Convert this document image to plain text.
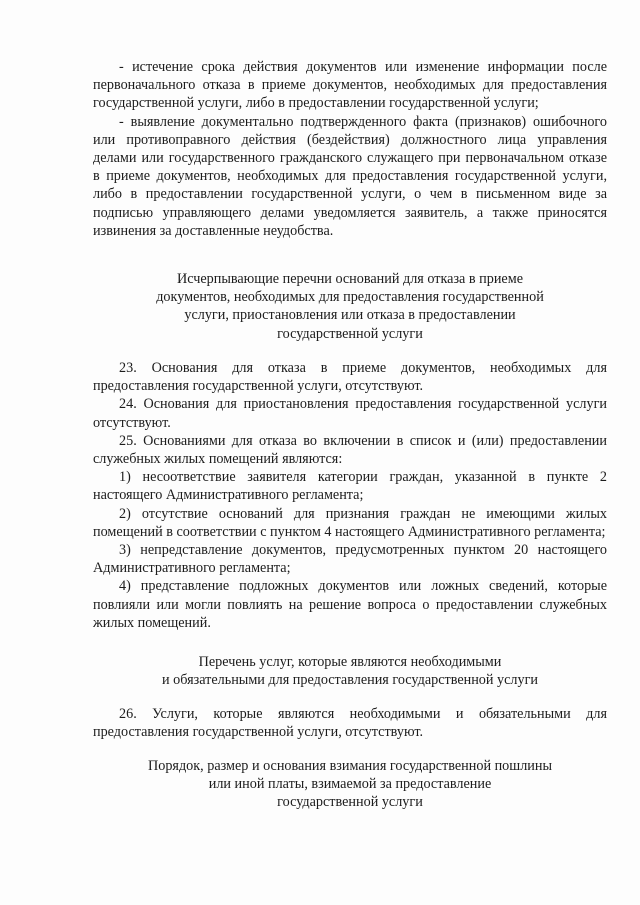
- истечение срока действия документов или изменение информации после первоначального отказа в приеме документов, необходимых для предоставления государственной услуги, либо в предоставлении государственной услуги;

- выявление документально подтвержденного факта (признаков) ошибочного или противоправного действия (бездействия) должностного лица управления делами или государственного гражданского служащего при первоначальном отказе в приеме документов, необходимых для предоставления государственной услуги, либо в предоставлении государственной услуги, о чем в письменном виде за подписью управляющего делами уведомляется заявитель, а также приносятся извинения за доставленные неудобства.

Исчерпывающие перечни оснований для отказа в приеме
документов, необходимых для предоставления государственной
услуги, приостановления или отказа в предоставлении
государственной услуги

23. Основания для отказа в приеме документов, необходимых для предоставления государственной услуги, отсутствуют.

24. Основания для приостановления предоставления государственной услуги отсутствуют.

25. Основаниями для отказа во включении в список и (или) предоставлении служебных жилых помещений являются:

1) несоответствие заявителя категории граждан, указанной в пункте 2 настоящего Административного регламента;

2) отсутствие оснований для признания граждан не имеющими жилых помещений в соответствии с пунктом 4 настоящего Административного регламента;

3) непредставление документов, предусмотренных пунктом 20 настоящего Административного регламента;

4) представление подложных документов или ложных сведений, которые повлияли или могли повлиять на решение вопроса о предоставлении служебных жилых помещений.

Перечень услуг, которые являются необходимыми
и обязательными для предоставления государственной услуги

26. Услуги, которые являются необходимыми и обязательными для предоставления государственной услуги, отсутствуют.

Порядок, размер и основания взимания государственной пошлины
или иной платы, взимаемой за предоставление
государственной услуги
